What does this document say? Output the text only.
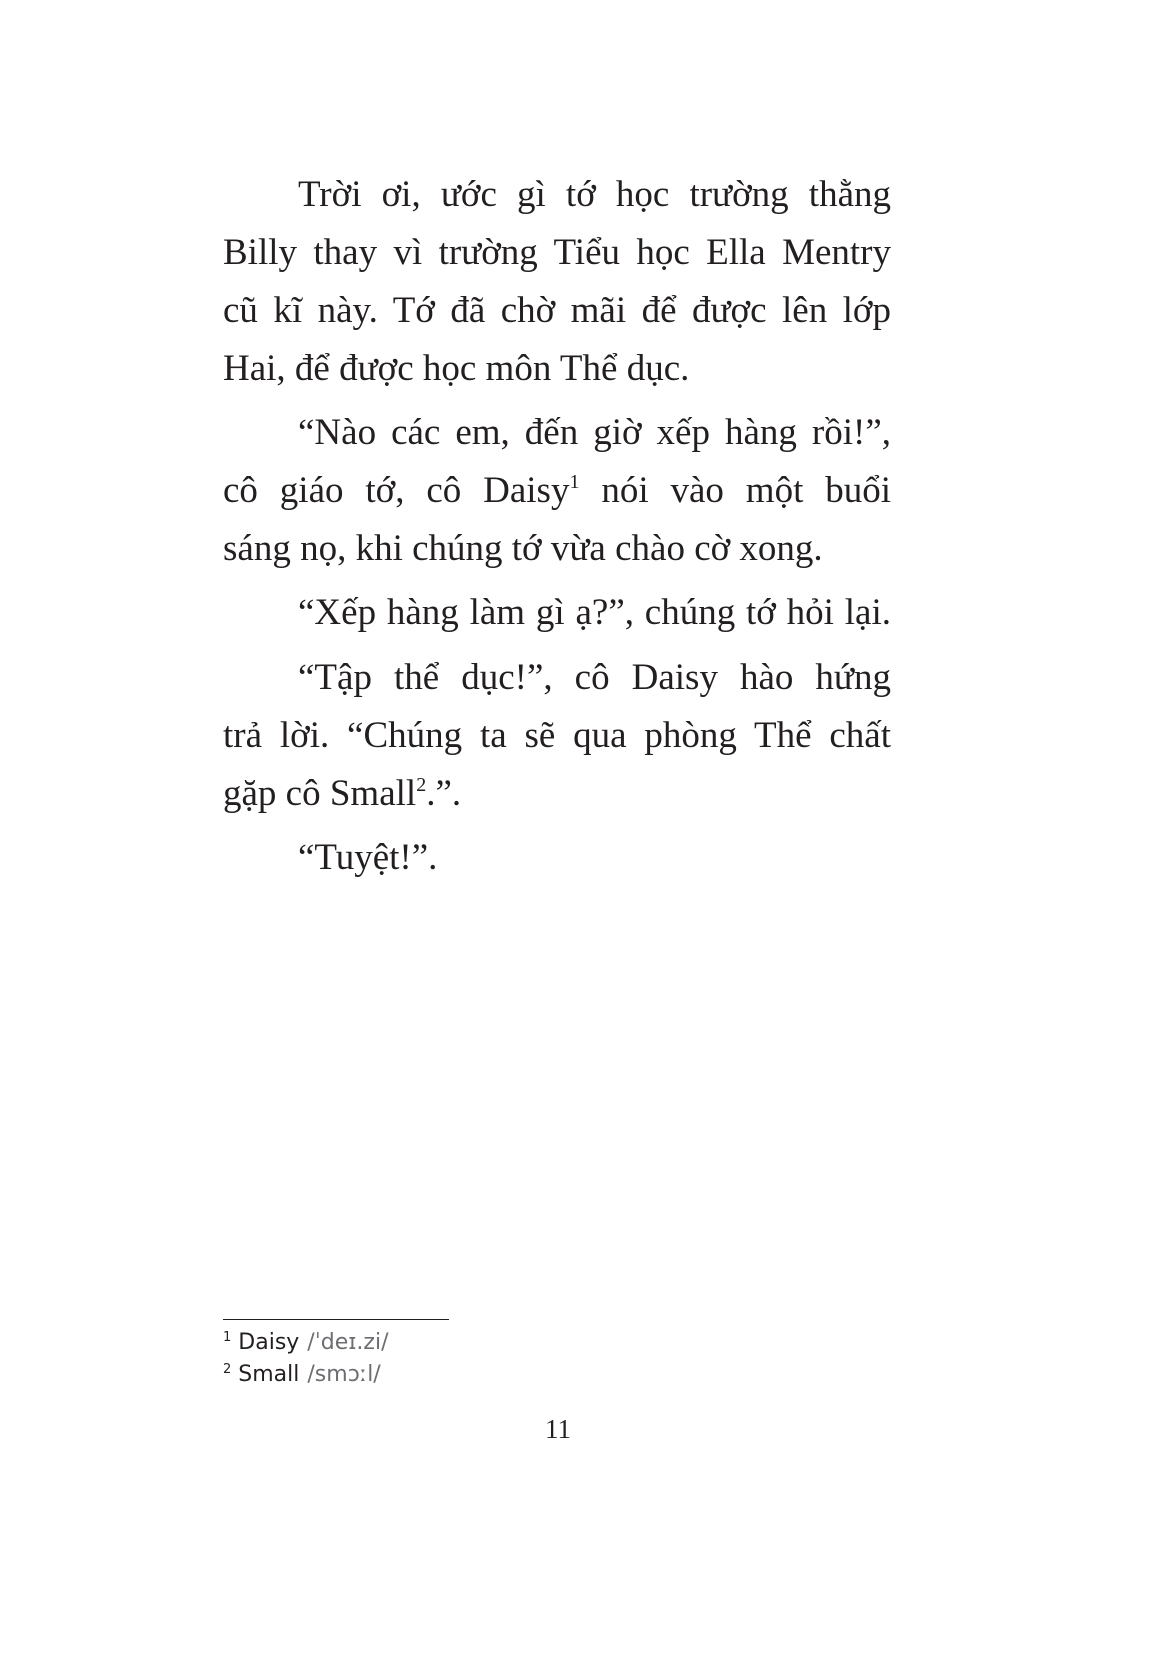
Trời ơi, ước gì tớ học trường thằng
Billy thay vì trường Tiểu học Ella Mentry
cũ kĩ này. Tớ đã chờ mãi để được lên lớp
Hai, để được học môn Thể dục.
“Nào các em, đến giờ xếp hàng rồi!”,
cô giáo tớ, cô Daisy$^1$ nói vào một buổi
sáng nọ, khi chúng tớ vừa chào cờ xong.
“Xếp hàng làm gì ạ?”, chúng tớ hỏi lại.
“Tập thể dục!”, cô Daisy hào hứng
trả lời. “Chúng ta sẽ qua phòng Thể chất
gặp cô Small$^2$.”.
“Tuyệt!”.
$^1$ Daisy /ˈdeɪ.zi/
$^2$ Small /smɔːl/
11
